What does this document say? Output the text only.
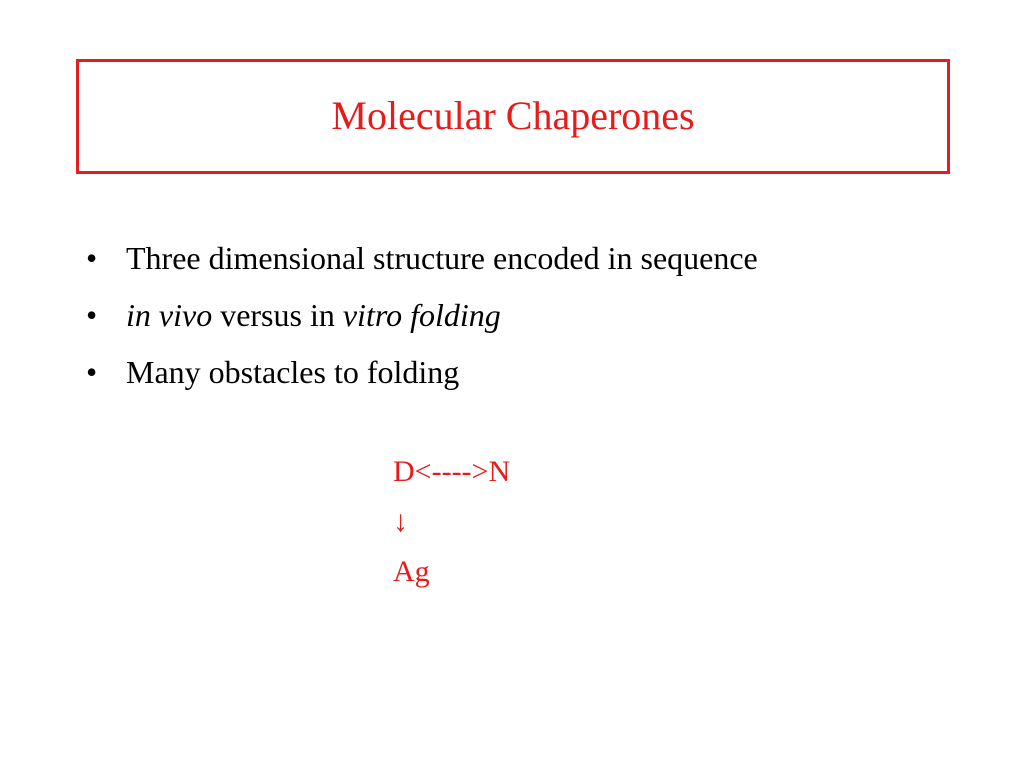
Molecular Chaperones
• Three dimensional structure encoded in sequence
• in vivo versus in vitro folding
• Many obstacles to folding
D<---->N
↓
Ag
